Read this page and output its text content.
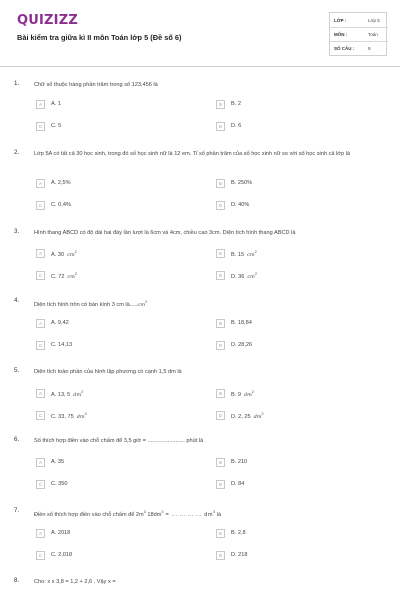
QUIZIZZ
Bài kiểm tra giữa kì II môn Toán lớp 5 (Đề số 6)
LỚP :	Lớp 5
MÔN :	Toán
SỐ CÂU :	9
1.	Chữ số thuộc hàng phần trăm trong số 123,456 là
A	A. 1	B	B. 2
C	C. 5	D	D. 6
2.	Lớp 5A có tất cả 30 học sinh, trong đó số học sinh nữ là 12 em. Tỉ số phần trăm của số học sinh nữ so với số học sinh cả lớp là
A	A. 2,5%	B	B. 250%
C	C. 0,4%	D	D. 40%
3.	Hình thang ABCD có độ dài hai đáy lần lượt là 6cm và 4cm, chiều cao 3cm. Diện tích hình thang ABCD là
A	A. 30 $cm^2$	B	B. 15 $cm^2$
C	C. 72 $cm^2$	D	D. 36 $cm^2$
4.
Diện tích hình tròn có bán kính 3 cm $là.....cm^2$
A	A. 9,42	B	B. 18,84
C	C. 14,13	D	D. 28,26
5.	Diện tích toàn phần của hình lập phương có cạnh 1,5 dm là
A	A. 13, 5 $dm^2$	B	B. 9 $dm^2$
C	C. 33, 75 $dm^2$	D	D. 2, 25 $dm^2$
6.	Số thích hợp điền vào chỗ chấm để 3,5 giờ = ........................ phút là
A	A. 35	B	B. 210
C	C. 350	D	D. 84
7.
Điền số thích hợp điền vào chỗ chấm để $2m^3$ $18dm^3$ = ... ... ... ... $dm^3$ là
A	A. 2018	B	B. 2,8
C	C. 2,018	D	D. 218
8.	Cho: x x 3,8 = 1,2 + 2,6 . Vậy x =
